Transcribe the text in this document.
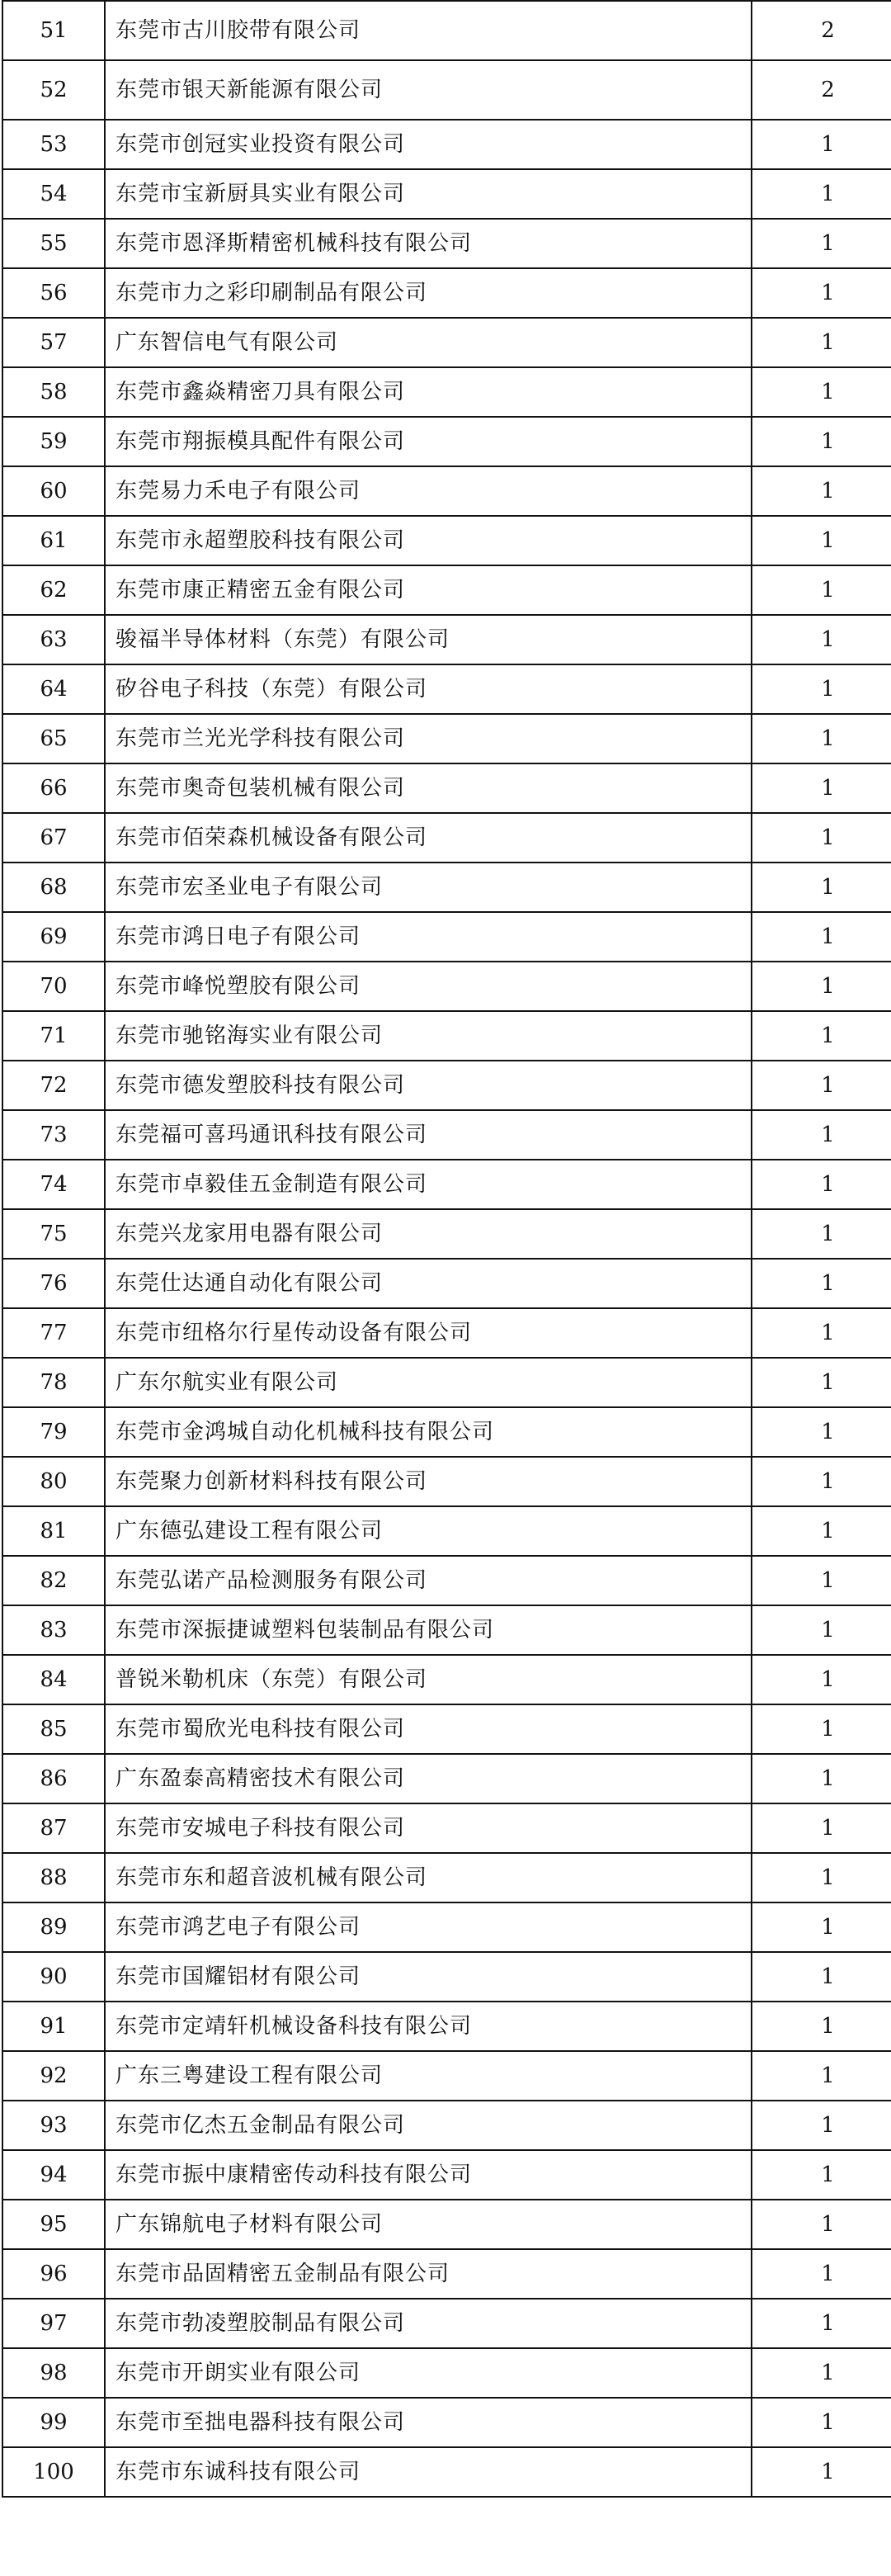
51	东莞市古川胶带有限公司	2
52	东莞市银天新能源有限公司	2
53	东莞市创冠实业投资有限公司	1
54	东莞市宝新厨具实业有限公司	1
55	东莞市恩泽斯精密机械科技有限公司	1
56	东莞市力之彩印刷制品有限公司	1
57	广东智信电气有限公司	1
58	东莞市鑫焱精密刀具有限公司	1
59	东莞市翔振模具配件有限公司	1
60	东莞易力禾电子有限公司	1
61	东莞市永超塑胶科技有限公司	1
62	东莞市康正精密五金有限公司	1
63	骏福半导体材料（东莞）有限公司	1
64	矽谷电子科技（东莞）有限公司	1
65	东莞市兰光光学科技有限公司	1
66	东莞市奥奇包装机械有限公司	1
67	东莞市佰荣森机械设备有限公司	1
68	东莞市宏圣业电子有限公司	1
69	东莞市鸿日电子有限公司	1
70	东莞市峰悦塑胶有限公司	1
71	东莞市驰铭海实业有限公司	1
72	东莞市德发塑胶科技有限公司	1
73	东莞福可喜玛通讯科技有限公司	1
74	东莞市卓毅佳五金制造有限公司	1
75	东莞兴龙家用电器有限公司	1
76	东莞仕达通自动化有限公司	1
77	东莞市纽格尔行星传动设备有限公司	1
78	广东尔航实业有限公司	1
79	东莞市金鸿城自动化机械科技有限公司	1
80	东莞聚力创新材料科技有限公司	1
81	广东德弘建设工程有限公司	1
82	东莞弘诺产品检测服务有限公司	1
83	东莞市深振捷诚塑料包装制品有限公司	1
84	普锐米勒机床（东莞）有限公司	1
85	东莞市蜀欣光电科技有限公司	1
86	广东盈泰高精密技术有限公司	1
87	东莞市安城电子科技有限公司	1
88	东莞市东和超音波机械有限公司	1
89	东莞市鸿艺电子有限公司	1
90	东莞市国耀铝材有限公司	1
91	东莞市定靖轩机械设备科技有限公司	1
92	广东三粤建设工程有限公司	1
93	东莞市亿杰五金制品有限公司	1
94	东莞市振中康精密传动科技有限公司	1
95	广东锦航电子材料有限公司	1
96	东莞市品固精密五金制品有限公司	1
97	东莞市勃凌塑胶制品有限公司	1
98	东莞市开朗实业有限公司	1
99	东莞市至拙电器科技有限公司	1
100	东莞市东诚科技有限公司	1
